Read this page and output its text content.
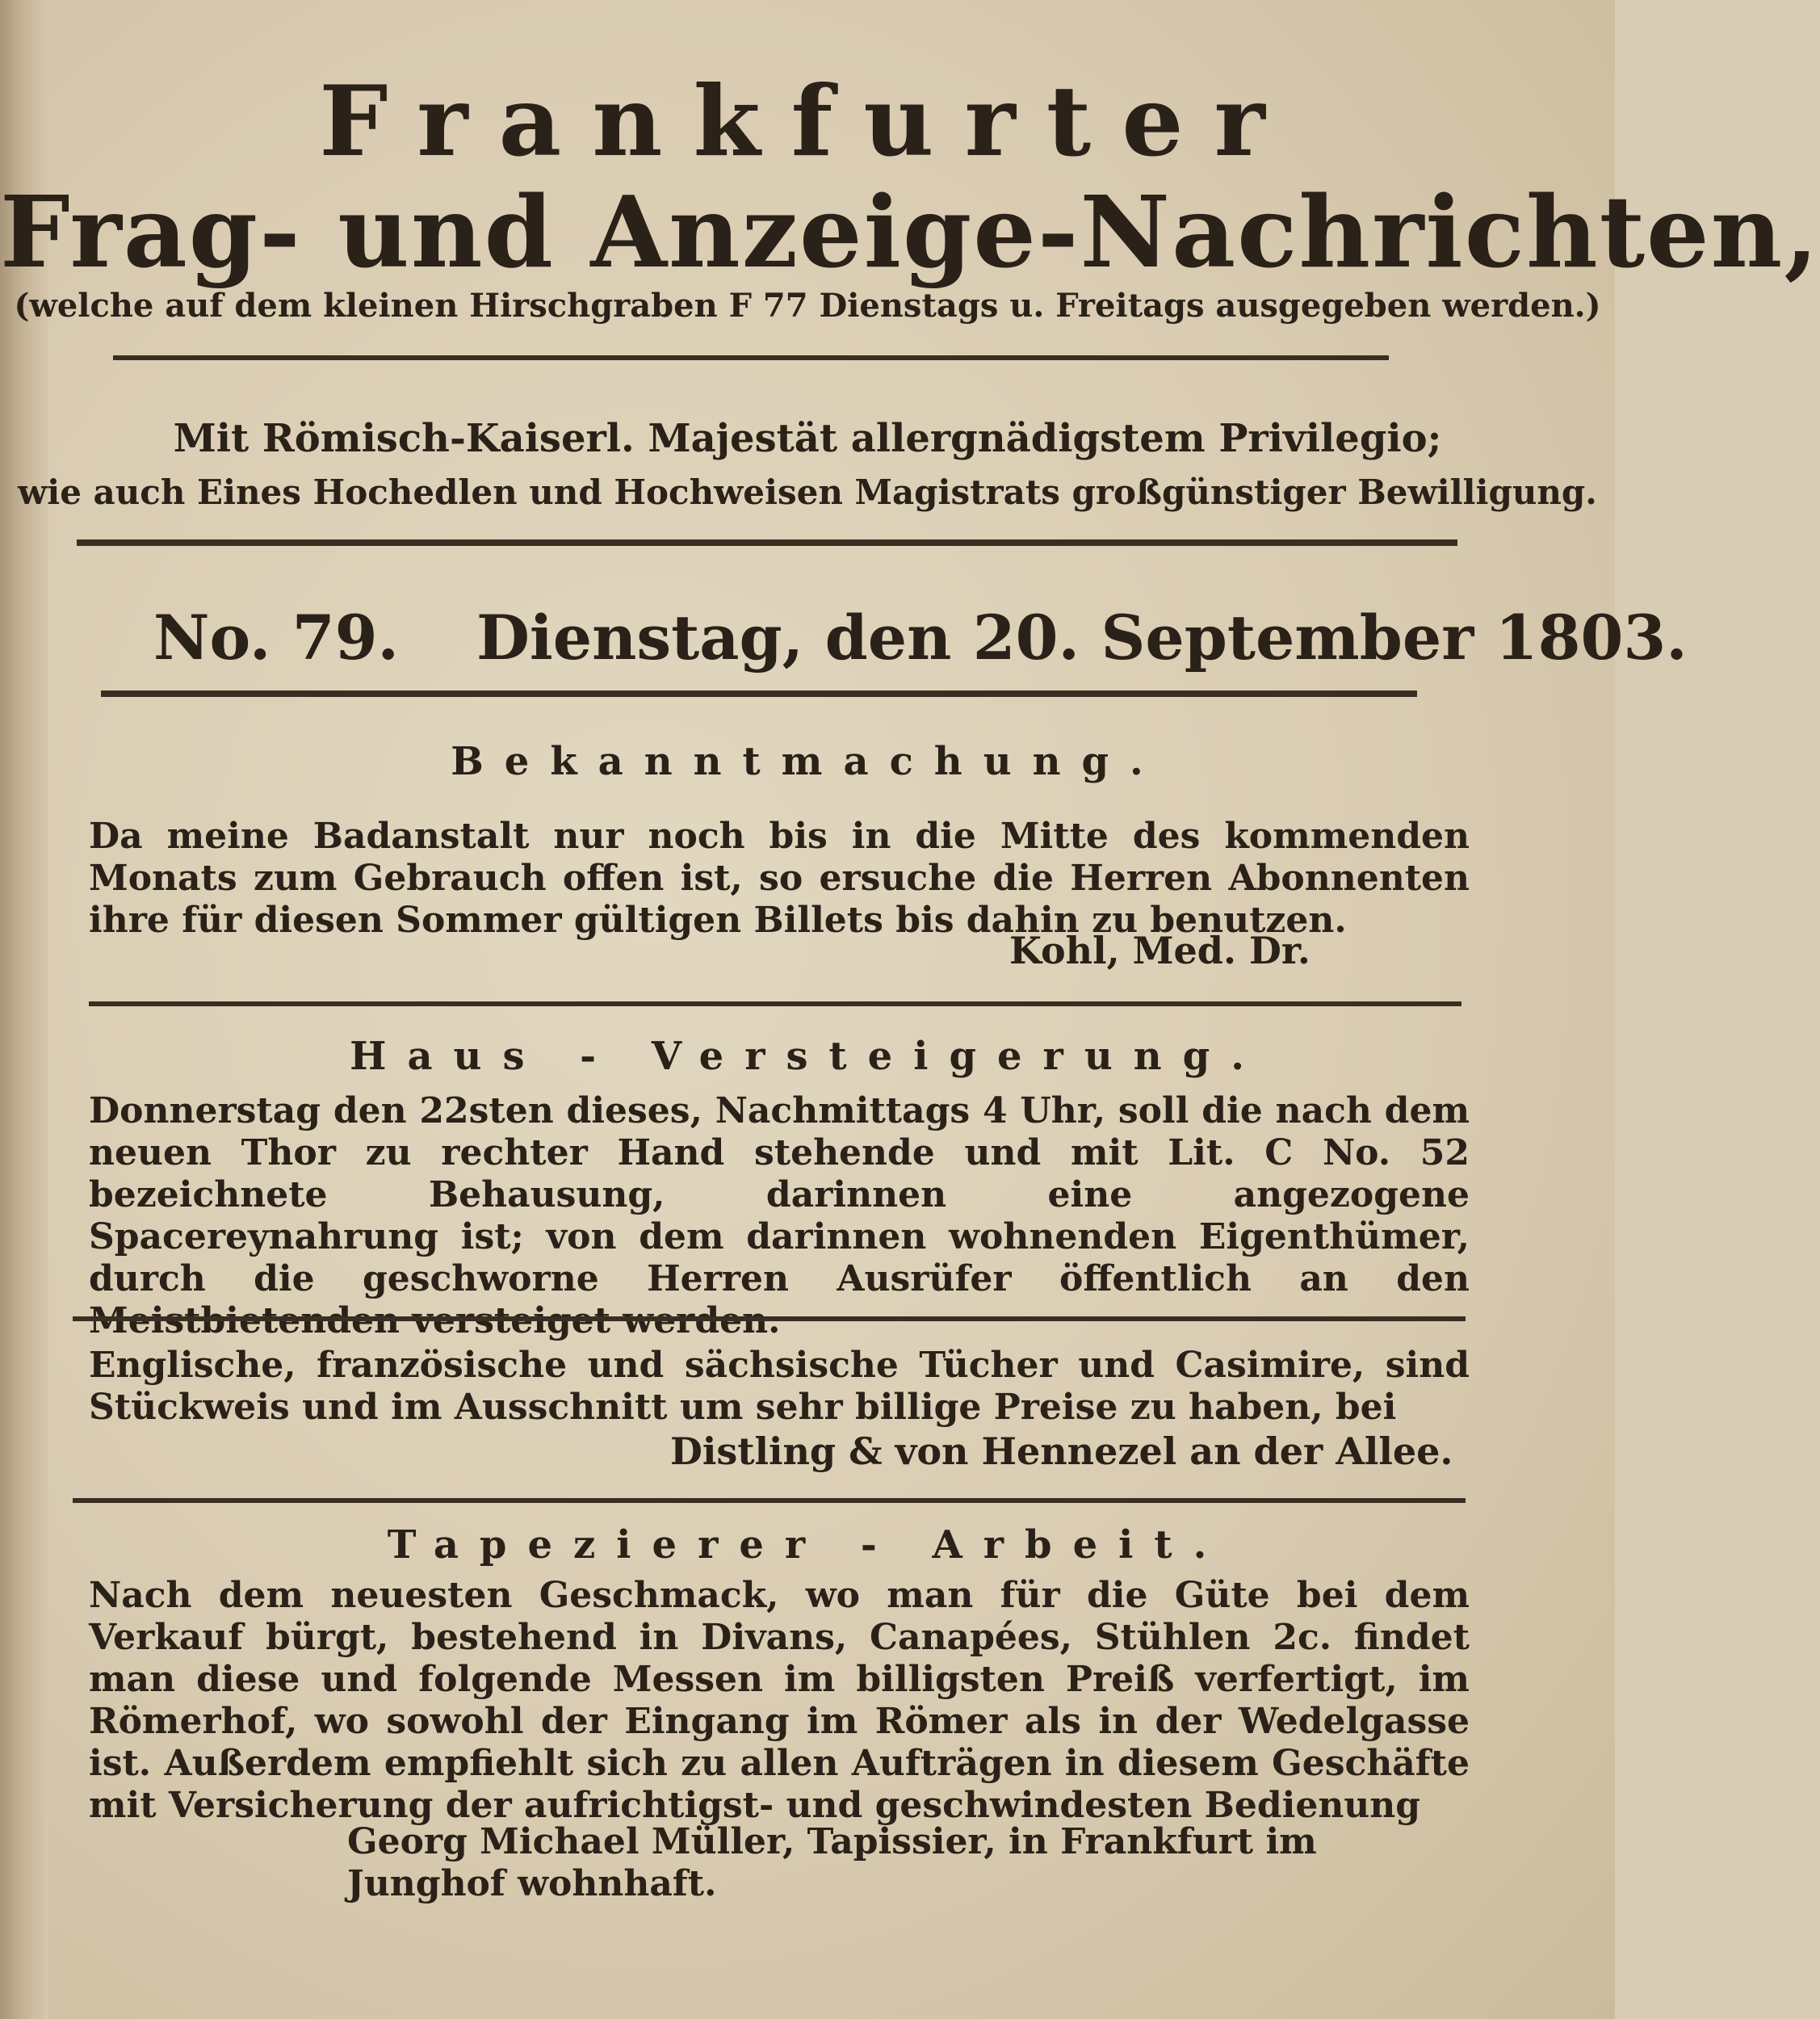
Frankfurter
Frag- und Anzeige-Nachrichten,
(welche auf dem kleinen Hirschgraben F 77 Dienstags u. Freitags ausgegeben werden.)
Mit Römisch-Kaiserl. Majestät allergnädigstem Privilegio;
wie auch Eines Hochedlen und Hochweisen Magistrats großgünstiger Bewilligung.
No. 79. Dienstag, den 20. September 1803.
Bekanntmachung.
Da meine Badanstalt nur noch bis in die Mitte des kommenden Monats zum Gebrauch offen ist, so ersuche die Herren Abonnenten ihre für diesen Sommer gültigen Billets bis dahin zu benutzen.
Kohl, Med. Dr.
Haus - Versteigerung.
Donnerstag den 22sten dieses, Nachmittags 4 Uhr, soll die nach dem neuen Thor zu rechter Hand stehende und mit Lit. C No. 52 bezeichnete Behausung, darinnen eine angezogene Spacereynahrung ist; von dem darinnen wohnenden Eigenthümer, durch die geschworne Herren Ausrüfer öffentlich an den
Englische, französische und sächsische Tücher und Casimire, sind Stückweis und im Ausschnitt um sehr billige Preise zu haben, bei
Distling & von Hennezel an der Allee.
Tapezierer - Arbeit.
Nach dem neuesten Geschmack, wo man für die Güte bei dem Verkauf bürgt, bestehend in Divans, Canapées, Stühlen 2c. findet man diese und folgende Messen im billigsten Preiß verfertigt, im Römerhof, wo sowohl der Eingang im Römer als in der Wedelgasse ist. Außerdem empfiehlt sich zu allen Aufträgen in diesem Geschäfte mit Versicherung der aufrichtigst- und geschwindesten Bedienung
Georg Michael Müller, Tapissier, in Frankfurt im Junghof wohnhaft.
